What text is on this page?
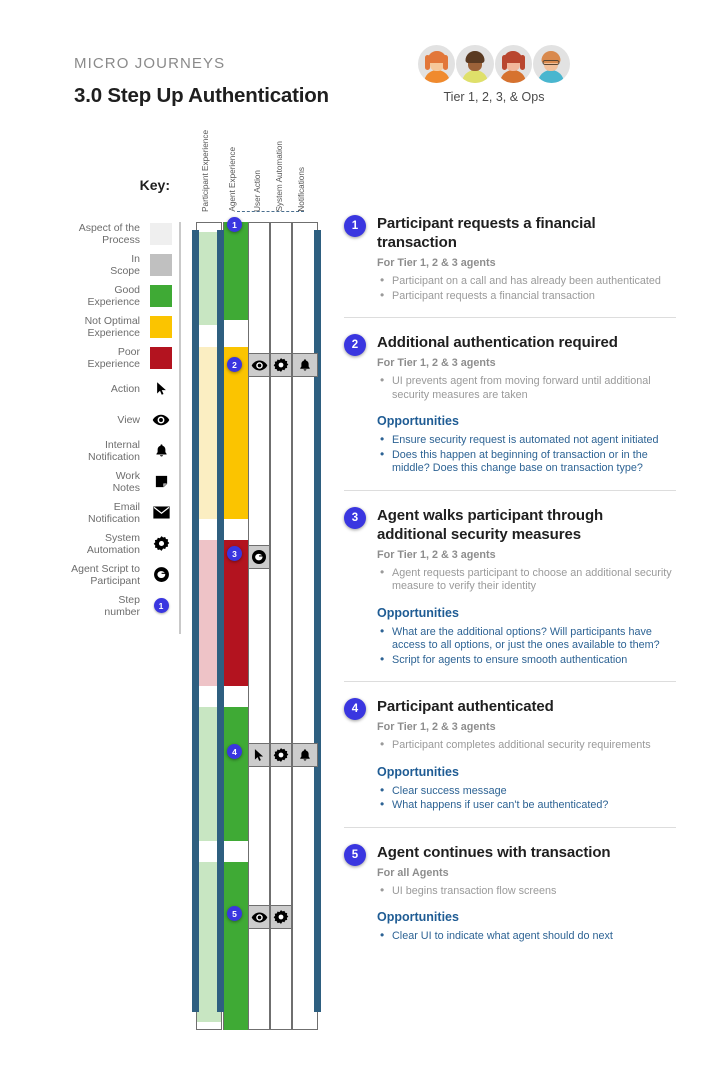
MICRO JOURNEYS
3.0 Step Up Authentication	Tier 1, 2, 3, & Ops
Key:
Aspect of the
Process
In
Scope
Good
Experience
Not Optimal
Experience
Poor
Experience
Action
View
Internal
Notification
Work
Notes
Email
Notification
System
Automation
Agent Script to
Participant
Step
number	1
Participant Experience Agent Experience User Action System Automation Notifications
1
2
3
4
5
1	Participant requests a financial transaction
For Tier 1, 2 & 3 agents
• Participant on a call and has already been authenticated
• Participant requests a financial transaction
2	Additional authentication required
For Tier 1, 2 & 3 agents
• UI prevents agent from moving forward until additional security measures are taken
Opportunities
• Ensure security request is automated not agent initiated
• Does this happen at beginning of transaction or in the middle? Does this change base on transaction type?
3	Agent walks participant through additional security measures
For Tier 1, 2 & 3 agents
• Agent requests participant to choose an additional security measure to verify their identity
Opportunities
• What are the additional options? Will participants have access to all options, or just the ones available to them?
• Script for agents to ensure smooth authentication
4	Participant authenticated
For Tier 1, 2 & 3 agents
• Participant completes additional security requirements
Opportunities
• Clear success message
• What happens if user can't be authenticated?
5	Agent continues with transaction
For all Agents
• UI begins transaction flow screens
Opportunities
• Clear UI to indicate what agent should do next
